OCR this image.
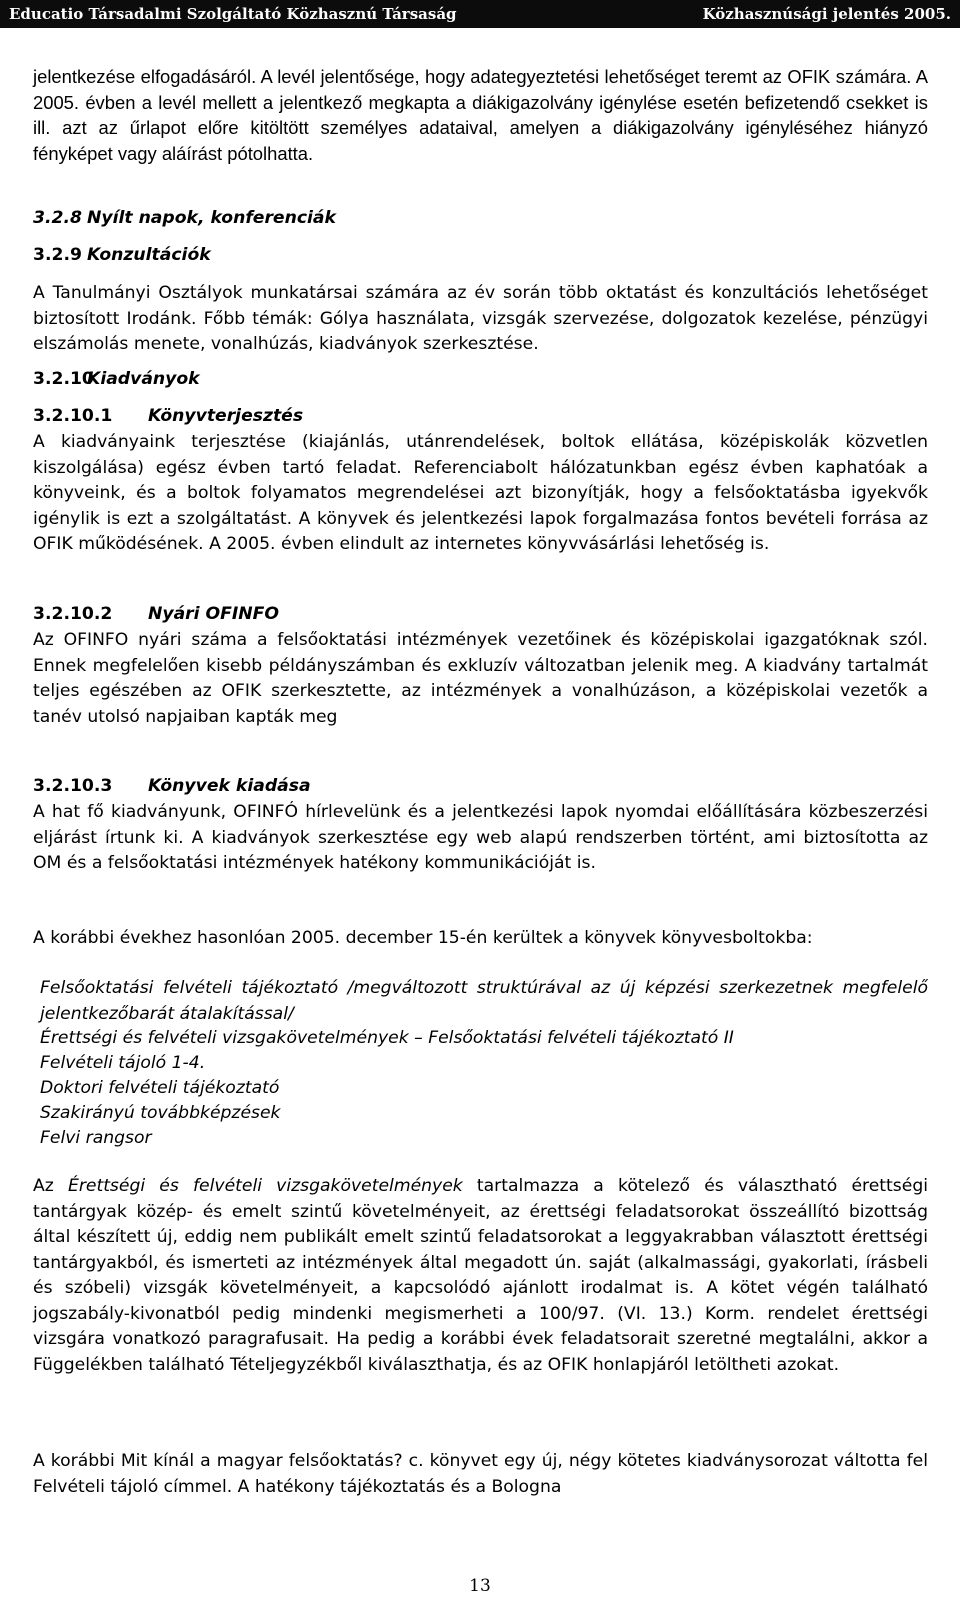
Educatio Társadalmi Szolgáltató Közhasznú Társaság	Közhasznúsági jelentés 2005.

jelentkezése elfogadásáról. A levél jelentősége, hogy adategyeztetési lehetőséget teremt az OFIK számára. A 2005. évben a levél mellett a jelentkező megkapta a diákigazolvány igénylése esetén befizetendő csekket is ill. azt az űrlapot előre kitöltött személyes adataival, amelyen a diákigazolvány igényléséhez hiányzó fényképet vagy aláírást pótolhatta.

3.2.8 Nyílt napok, konferenciák
3.2.9 Konzultációk

A Tanulmányi Osztályok munkatársai számára az év során több oktatást és konzultációs lehetőséget biztosított Irodánk. Főbb témák: Gólya használata, vizsgák szervezése, dolgozatok kezelése, pénzügyi elszámolás menete, vonalhúzás, kiadványok szerkesztése.

3.2.10
Kiadványok
3.2.10.1 Könyvterjesztés

A kiadványaink terjesztése (kiajánlás, utánrendelések, boltok ellátása, középiskolák közvetlen kiszolgálása) egész évben tartó feladat. Referenciabolt hálózatunkban egész évben kaphatóak a könyveink, és a boltok folyamatos megrendelései azt bizonyítják, hogy a felsőoktatásba igyekvők igénylik is ezt a szolgáltatást. A könyvek és jelentkezési lapok forgalmazása fontos bevételi forrása az OFIK működésének. A 2005. évben elindult az internetes könyvvásárlási lehetőség is.

3.2.10.2 Nyári OFINFO

Az OFINFO nyári száma a felsőoktatási intézmények vezetőinek és középiskolai igazgatóknak szól. Ennek megfelelően kisebb példányszámban és exkluzív változatban jelenik meg. A kiadvány tartalmát teljes egészében az OFIK szerkesztette, az intézmények a vonalhúzáson, a középiskolai vezetők a tanév utolsó napjaiban kapták meg

3.2.10.3 Könyvek kiadása

A hat fő kiadványunk, OFINFÓ hírlevelünk és a jelentkezési lapok nyomdai előállítására közbeszerzési eljárást írtunk ki. A kiadványok szerkesztése egy web alapú rendszerben történt, ami biztosította az OM és a felsőoktatási intézmények hatékony kommunikációját is.

A korábbi évekhez hasonlóan 2005. december 15-én kerültek a könyvek könyvesboltokba:

Felsőoktatási felvételi tájékoztató /megváltozott struktúrával az új képzési szerkezetnek megfelelő jelentkezőbarát átalakítással/

Érettségi és felvételi vizsgakövetelmények – Felsőoktatási felvételi tájékoztató II

Felvételi tájoló 1-4.

Doktori felvételi tájékoztató

Szakirányú továbbképzések

Felvi rangsor

Az Érettségi és felvételi vizsgakövetelmények tartalmazza a kötelező és választható érettségi tantárgyak közép- és emelt szintű követelményeit, az érettségi feladatsorokat összeállító bizottság által készített új, eddig nem publikált emelt szintű feladatsorokat a leggyakrabban választott érettségi tantárgyakból, és ismerteti az intézmények által megadott ún. saját (alkalmassági, gyakorlati, írásbeli és szóbeli) vizsgák követelményeit, a kapcsolódó ajánlott irodalmat is. A kötet végén található jogszabály-kivonatból pedig mindenki megismerheti a 100/97. (VI. 13.) Korm. rendelet érettségi vizsgára vonatkozó paragrafusait. Ha pedig a korábbi évek feladatsorait szeretné megtalálni, akkor a Függelékben található Tételjegyzékből kiválaszthatja, és az OFIK honlapjáról letöltheti azokat.

A korábbi Mit kínál a magyar felsőoktatás? c. könyvet egy új, négy kötetes kiadványsorozat váltotta fel Felvételi tájoló címmel. A hatékony tájékoztatás és a Bologna

13
